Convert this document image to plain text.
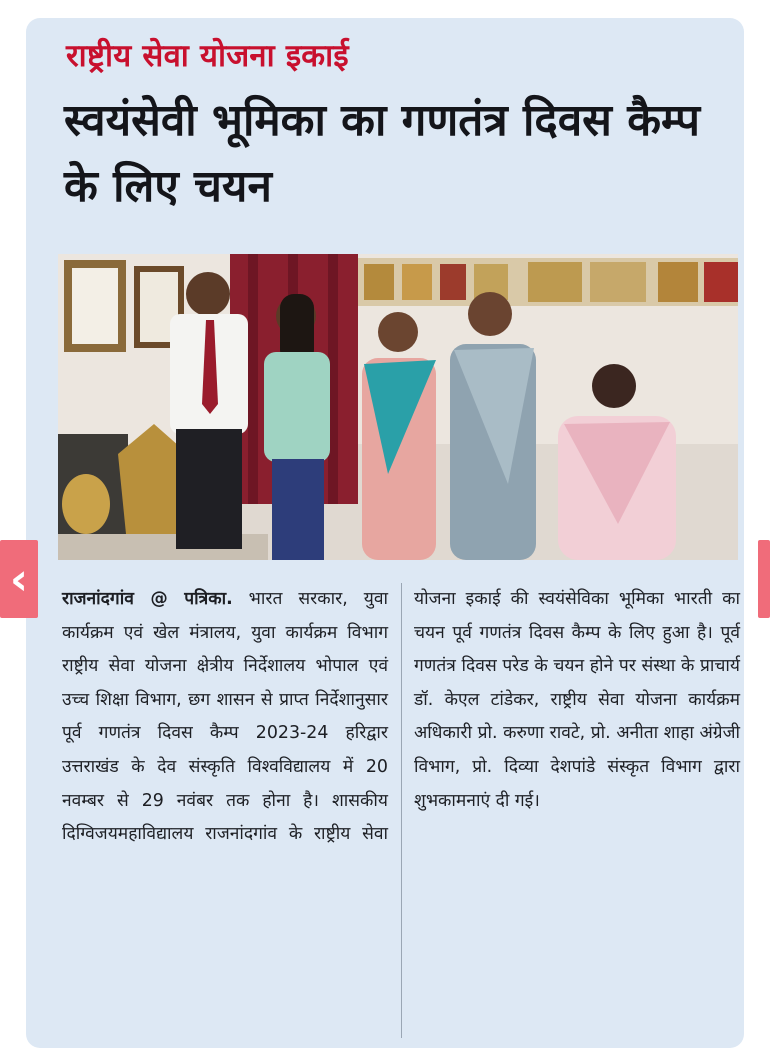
राष्ट्रीय सेवा योजना इकाई
स्वयंसेवी भूमिका का गणतंत्र दिवस कैम्प के लिए चयन

राजनांदगांव @ पत्रिका. भारत सरकार, युवा कार्यक्रम एवं खेल मंत्रालय, युवा कार्यक्रम विभाग राष्ट्रीय सेवा योजना क्षेत्रीय निर्देशालय भोपाल एवं उच्च शिक्षा विभाग, छग शासन से प्राप्त निर्देशानुसार पूर्व गणतंत्र दिवस कैम्प 2023-24 हरिद्वार उत्तराखंड के देव संस्कृति विश्वविद्यालय में 20 नवम्बर से 29 नवंबर तक होना है। शासकीय दिग्विजयमहाविद्यालय राजनांदगांव के राष्ट्रीय सेवा योजना इकाई की स्वयंसेविका भूमिका भारती का चयन पूर्व गणतंत्र दिवस कैम्प के लिए हुआ है। पूर्व गणतंत्र दिवस परेड के चयन होने पर संस्था के प्राचार्य डॉ. केएल टांडेकर, राष्ट्रीय सेवा योजना कार्यक्रम अधिकारी प्रो. करुणा रावटे, प्रो. अनीता शाहा अंग्रेजी विभाग, प्रो. दिव्या देशपांडे संस्कृत विभाग द्वारा शुभकामनाएं दी गई।

‹
